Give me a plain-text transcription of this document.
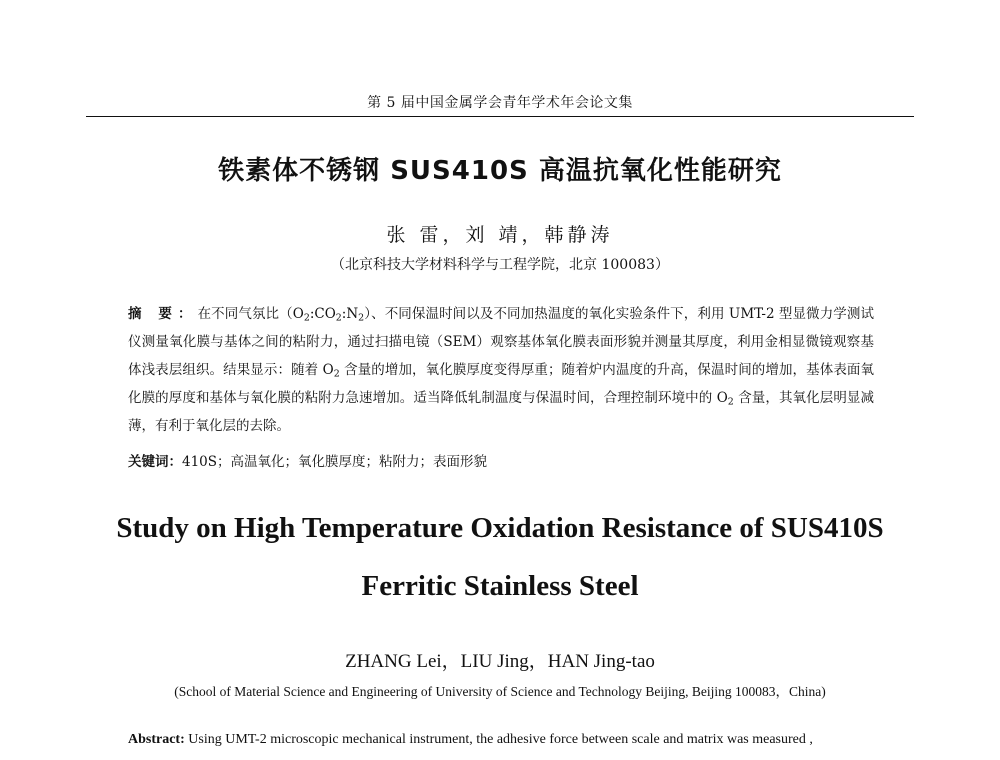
第 5 届中国金属学会青年学术年会论文集
铁素体不锈钢 SUS410S 高温抗氧化性能研究
张 雷，刘 靖，韩静涛
（北京科技大学材料科学与工程学院，北京 100083）
摘 要：在不同气氛比$(O_2:CO_2:N_2)$、不同保温时间以及不同加热温度的氧化实验条件下，利用 UMT-2 型显微力学测试仪测量氧化膜与基体之间的粘附力，通过扫描电镜（SEM）观察基体氧化膜表面形貌并测量其厚度，利用金相显微镜观察基体浅表层组织。结果显示：随着 $O_2$ 含量的增加，氧化膜厚度变得厚重；随着炉内温度的升高，保温时间的增加，基体表面氧化膜的厚度和基体与氧化膜的粘附力急速增加。适当降低轧制温度与保温时间，合理控制环境中的 $O_2$ 含量，其氧化层明显减薄，有利于氧化层的去除。
关键词：410S；高温氧化；氧化膜厚度；粘附力；表面形貌
Study on High Temperature Oxidation Resistance of SUS410S
Ferritic Stainless Steel
ZHANG Lei，LIU Jing，HAN Jing-tao
(School of Material Science and Engineering of University of Science and Technology Beijing, Beijing 100083，China)
Abstract: Using UMT-2 microscopic mechanical instrument, the adhesive force between scale and matrix was measured ,
